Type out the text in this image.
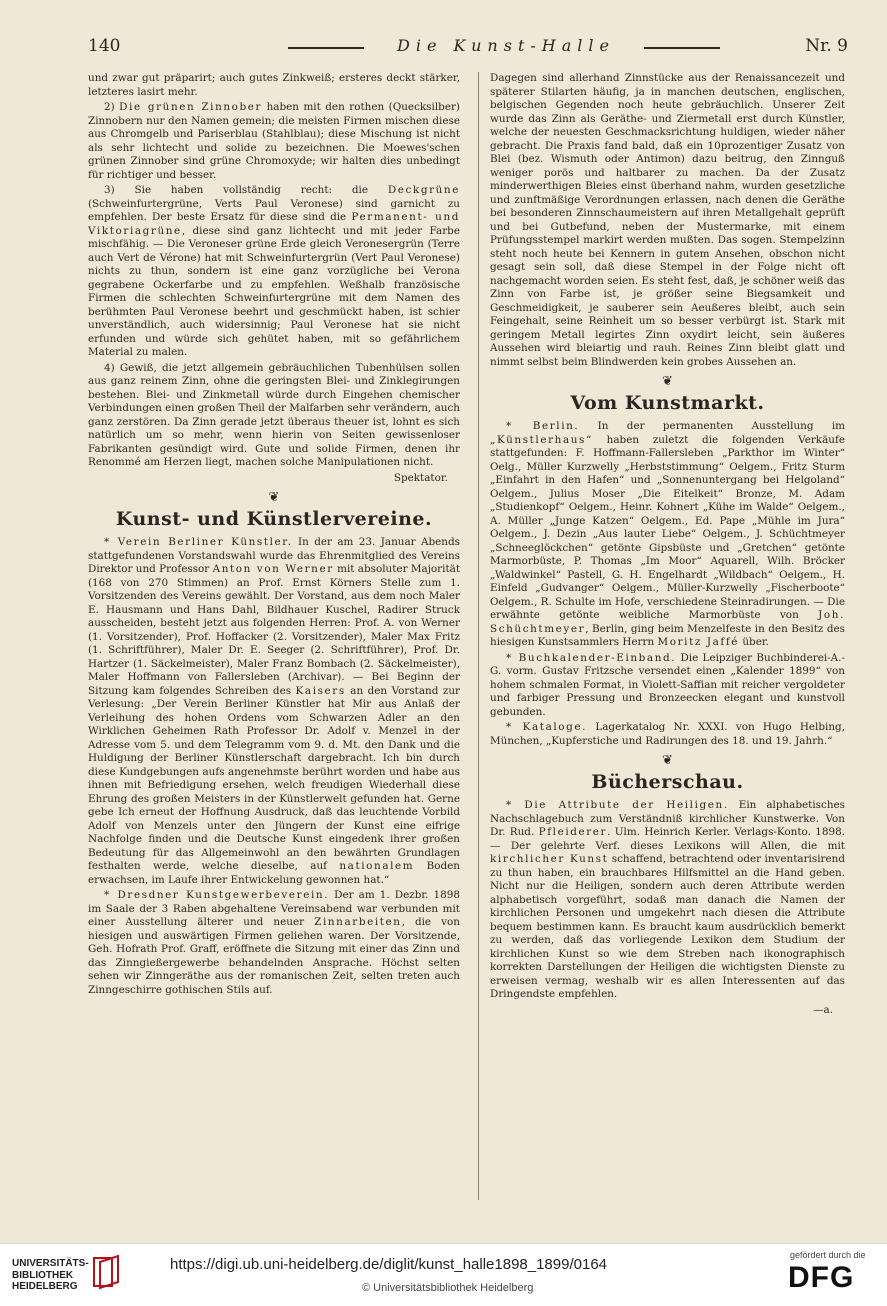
140	Die Kunst-Halle	Nr. 9

und zwar gut präparirt; auch gutes Zinkweiß; ersteres deckt stärker, letzteres lasirt mehr.

2) Die grünen Zinnober haben mit den rothen (Quecksilber) Zinnobern nur den Namen gemein; die meisten Firmen mischen diese aus Chromgelb und Pariserblau (Stahlblau); diese Mischung ist nicht als sehr lichtecht und solide zu bezeichnen. Die Moewes'schen grünen Zinnober sind grüne Chromoxyde; wir halten dies unbedingt für richtiger und besser.

3) Sie haben vollständig recht: die Deckgrüne (Schweinfurtergrüne, Verts Paul Veronese) sind garnicht zu empfehlen. Der beste Ersatz für diese sind die Permanent- und Viktoriagrüne, diese sind ganz lichtecht und mit jeder Farbe mischfähig. — Die Veroneser grüne Erde gleich Veronesergrün (Terre auch Vert de Vérone) hat mit Schweinfurtergrün (Vert Paul Veronese) nichts zu thun, sondern ist eine ganz vorzügliche bei Verona gegrabene Ockerfarbe und zu empfehlen. Weßhalb französische Firmen die schlechten Schweinfurtergrüne mit dem Namen des berühmten Paul Veronese beehrt und geschmückt haben, ist schier unverständlich, auch widersinnig; Paul Veronese hat sie nicht erfunden und würde sich gehütet haben, mit so gefährlichem Material zu malen.

4) Gewiß, die jetzt allgemein gebräuchlichen Tubenhülsen sollen aus ganz reinem Zinn, ohne die geringsten Blei- und Zinklegirungen bestehen. Blei- und Zinkmetall würde durch Eingehen chemischer Verbindungen einen großen Theil der Malfarben sehr verändern, auch ganz zerstören. Da Zinn gerade jetzt überaus theuer ist, lohnt es sich natürlich um so mehr, wenn hierin von Seiten gewissenloser Fabrikanten gesündigt wird. Gute und solide Firmen, denen ihr Renommé am Herzen liegt, machen solche Manipulationen nicht.

Spektator.
❦
Kunst- und Künstlervereine.

* Verein Berliner Künstler. In der am 23. Januar Abends stattgefundenen Vorstandswahl wurde das Ehrenmitglied des Vereins Direktor und Professor Anton von Werner mit absoluter Majorität (168 von 270 Stimmen) an Prof. Ernst Körners Stelle zum 1. Vorsitzenden des Vereins gewählt. Der Vorstand, aus dem noch Maler E. Hausmann und Hans Dahl, Bildhauer Kuschel, Radirer Struck ausscheiden, besteht jetzt aus folgenden Herren: Prof. A. von Werner (1. Vorsitzender), Prof. Hoffacker (2. Vorsitzender), Maler Max Fritz (1. Schriftführer), Maler Dr. E. Seeger (2. Schriftführer), Prof. Dr. Hartzer (1. Säckelmeister), Maler Franz Bombach (2. Säckelmeister), Maler Hoffmann von Fallersleben (Archivar). — Bei Beginn der Sitzung kam folgendes Schreiben des Kaisers an den Vorstand zur Verlesung: „Der Verein Berliner Künstler hat Mir aus Anlaß der Verleihung des hohen Ordens vom Schwarzen Adler an den Wirklichen Geheimen Rath Professor Dr. Adolf v. Menzel in der Adresse vom 5. und dem Telegramm vom 9. d. Mt. den Dank und die Huldigung der Berliner Künstlerschaft dargebracht. Ich bin durch diese Kundgebungen aufs angenehmste berührt worden und habe aus ihnen mit Befriedigung ersehen, welch freudigen Wiederhall diese Ehrung des großen Meisters in der Künstlerwelt gefunden hat. Gerne gebe Ich erneut der Hoffnung Ausdruck, daß das leuchtende Vorbild Adolf von Menzels unter den Jüngern der Kunst eine eifrige Nachfolge finden und die Deutsche Kunst eingedenk ihrer großen Bedeutung für das Allgemeinwohl an den bewährten Grundlagen festhalten werde, welche dieselbe, auf nationalem Boden erwachsen, im Laufe ihrer Entwickelung gewonnen hat.“

* Dresdner Kunstgewerbeverein. Der am 1. Dezbr. 1898 im Saale der 3 Raben abgehaltene Vereinsabend war verbunden mit einer Ausstellung älterer und neuer Zinnarbeiten, die von hiesigen und auswärtigen Firmen geliehen waren. Der Vorsitzende, Geh. Hofrath Prof. Graff, eröffnete die Sitzung mit einer das Zinn und das Zinngießergewerbe behandelnden Ansprache. Höchst selten sehen wir Zinngeräthe aus der romanischen Zeit, selten treten auch Zinngeschirre gothischen Stils auf.

Dagegen sind allerhand Zinnstücke aus der Renaissancezeit und späterer Stilarten häufig, ja in manchen deutschen, englischen, belgischen Gegenden noch heute gebräuchlich. Unserer Zeit wurde das Zinn als Geräthe- und Ziermetall erst durch Künstler, welche der neuesten Geschmacksrichtung huldigen, wieder näher gebracht. Die Praxis fand bald, daß ein 10prozentiger Zusatz von Blei (bez. Wismuth oder Antimon) dazu beitrug, den Zinnguß weniger porös und haltbarer zu machen. Da der Zusatz minderwerthigen Bleies einst überhand nahm, wurden gesetzliche und zunftmäßige Verordnungen erlassen, nach denen die Geräthe bei besonderen Zinnschaumeistern auf ihren Metallgehalt geprüft und bei Gutbefund, neben der Mustermarke, mit einem Prüfungsstempel markirt werden mußten. Das sogen. Stempelzinn steht noch heute bei Kennern in gutem Ansehen, obschon nicht gesagt sein soll, daß diese Stempel in der Folge nicht oft nachgemacht worden seien. Es steht fest, daß, je schöner weiß das Zinn von Farbe ist, je größer seine Biegsamkeit und Geschmeidigkeit, je sauberer sein Aeußeres bleibt, auch sein Feingehalt, seine Reinheit um so besser verbürgt ist. Stark mit geringem Metall legirtes Zinn oxydirt leicht, sein äußeres Aussehen wird bleiartig und rauh. Reines Zinn bleibt glatt und nimmt selbst beim Blindwerden kein grobes Aussehen an.

❦
Vom Kunstmarkt.

* Berlin. In der permanenten Ausstellung im „Künstlerhaus“ haben zuletzt die folgenden Verkäufe stattgefunden: F. Hoffmann-Fallersleben „Parkthor im Winter“ Oelg., Müller Kurzwelly „Herbststimmung“ Oelgem., Fritz Sturm „Einfahrt in den Hafen“ und „Sonnenuntergang bei Helgoland“ Oelgem., Julius Moser „Die Eitelkeit“ Bronze, M. Adam „Studienkopf“ Oelgem., Heinr. Kohnert „Kühe im Walde“ Oelgem., A. Müller „Junge Katzen“ Oelgem., Ed. Pape „Mühle im Jura“ Oelgem., J. Dezin „Aus lauter Liebe“ Oelgem., J. Schüchtmeyer „Schneeglöckchen“ getönte Gipsbüste und „Gretchen“ getönte Marmorbüste, P. Thomas „Im Moor“ Aquarell, Wilh. Bröcker „Waldwinkel“ Pastell, G. H. Engelhardt „Wildbach“ Oelgem., H. Einfeld „Gudvanger“ Oelgem., Müller-Kurzwelly „Fischerboote“ Oelgem., R. Schulte im Hofe, verschiedene Steinradirungen. — Die erwähnte getönte weibliche Marmorbüste von Joh. Schüchtmeyer, Berlin, ging beim Menzelfeste in den Besitz des hiesigen Kunstsammlers Herrn Moritz Jaffé über.

* Buchkalender-Einband. Die Leipziger Buchbinderei-A.-G. vorm. Gustav Fritzsche versendet einen „Kalender 1899“ von hohem schmalen Format, in Violett-Saffian mit reicher vergoldeter und farbiger Pressung und Bronzeecken elegant und kunstvoll gebunden.

* Kataloge. Lagerkatalog Nr. XXXI. von Hugo Helbing, München, „Kupferstiche und Radirungen des 18. und 19. Jahrh.“

❦
Bücherschau.

* Die Attribute der Heiligen. Ein alphabetisches Nachschlagebuch zum Verständniß kirchlicher Kunstwerke. Von Dr. Rud. Pfleiderer. Ulm. Heinrich Kerler. Verlags-Konto. 1898. — Der gelehrte Verf. dieses Lexikons will Allen, die mit kirchlicher Kunst schaffend, betrachtend oder inventarisirend zu thun haben, ein brauchbares Hilfsmittel an die Hand geben. Nicht nur die Heiligen, sondern auch deren Attribute werden alphabetisch vorgeführt, sodaß man danach die Namen der kirchlichen Personen und umgekehrt nach diesen die Attribute bequem bestimmen kann. Es braucht kaum ausdrücklich bemerkt zu werden, daß das vorliegende Lexikon dem Studium der kirchlichen Kunst so wie dem Streben nach ikonographisch korrekten Darstellungen der Heiligen die wichtigsten Dienste zu erweisen vermag, weshalb wir es allen Interessenten auf das Dringendste empfehlen.

—a.
UNIVERSITÄTS-
BIBLIOTHEK
HEIDELBERG
https://digi.ub.uni-heidelberg.de/diglit/kunst_halle1898_1899/0164
© Universitätsbibliothek Heidelberg
gefördert durch die
DFG
